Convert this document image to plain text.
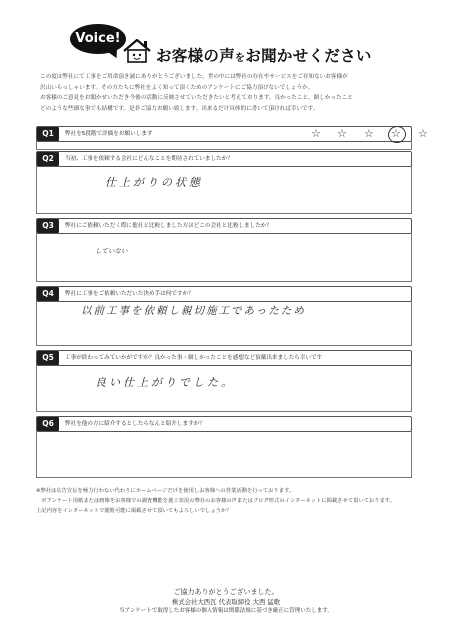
Voice!
お客様の声をお聞かせください

この度は弊社にて工事をご用命頂き誠にありがとうございました。世の中には弊社の存在やサービスをご存知ないお客様が

沢山いらっしゃいます。その方たちに弊社をよく知って頂くためのアンケートにご協力頂けないでしょうか。

お客様のご意見をお聞かせいただき今後の活動に反映させていただきたいと考えております。良かったこと、網しかったこと

どのような些細な事でも結構です。是非ご協力お願い致します。出来るだけ具体的に書いて頂ければ幸いです。

Q1	弊社を5段階で評価をお願いします	☆ ☆ ☆ ☆ ☆
Q2	当初、工事を依頼する会社にどんなことを期待されていましたか？
仕上がりの状態
Q3	弊社にご依頼いただく際に他社と比較しました方はどこの会社と比較しましたか？
していない
Q4	弊社に工事をご依頼いただいた決め手は何ですか？
以前工事を依頼し親切施工であったため
Q5	工事が終わってみていかがですか？良かった事・網しかったことを感想など頂戴出来ましたら幸いです
良い仕上がりでした。
Q6	弊社を他の方に紹介するとしたらなんと紹介しますか？

※弊社は広告宣伝を極力行わない代わりにホームページだけを使用しお客様への営業活動を行っております。

　ボアンケート用紙または画像をお客様での調査機能を施工状況の弊社のお客様の声またはブログ形式のインターネットに掲載させて頂いております。

上記内容をインターネットで閲覧可能に掲載させて頂いてもよろしいでしょうか？

ご協力ありがとうございました。

株式会社大西瓦 代表取締役 大西 猛歌

当アンケートで取得したお客様の個人情報は関係法規に基づき厳正に管理いたします。
